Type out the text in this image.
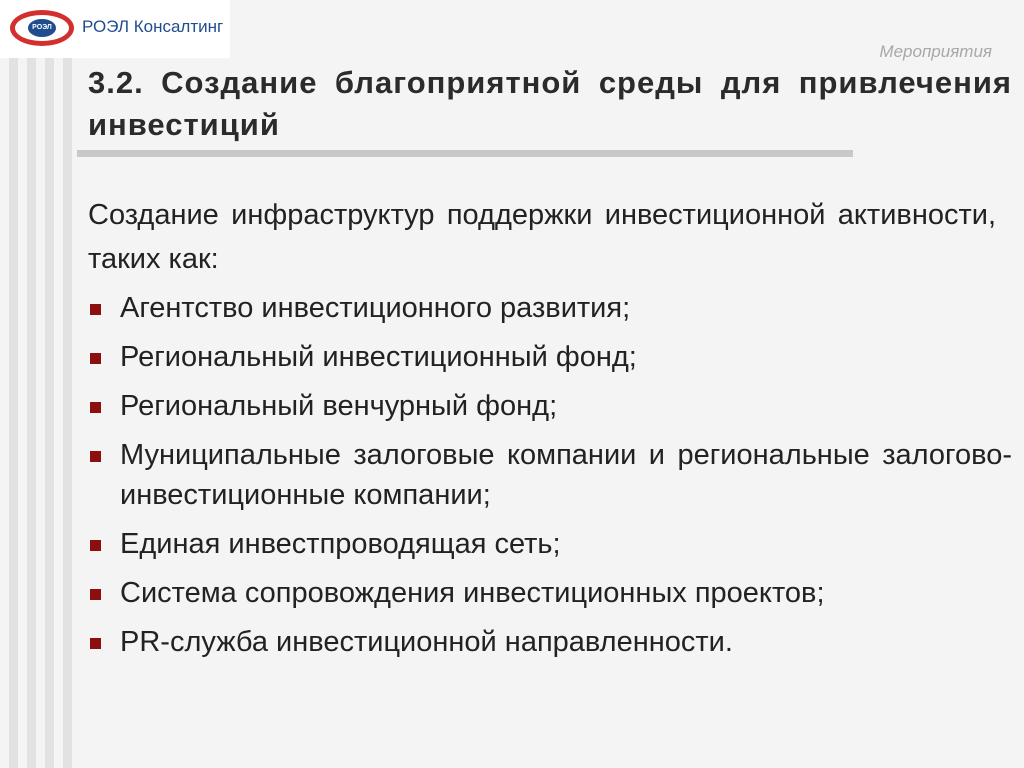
РОЭЛ РОЭЛ Консалтинг
Мероприятия
3.2. Создание благоприятной среды для привлечения инвестиций

Создание инфраструктур поддержки инвестиционной активности, таких как:

Агентство инвестиционного развития;
Региональный инвестиционный фонд;
Региональный венчурный фонд;
Муниципальные залоговые компании и региональные залогово-инвестиционные компании;
Единая инвестпроводящая сеть;
Система сопровождения инвестиционных проектов;
PR-служба инвестиционной направленности.
